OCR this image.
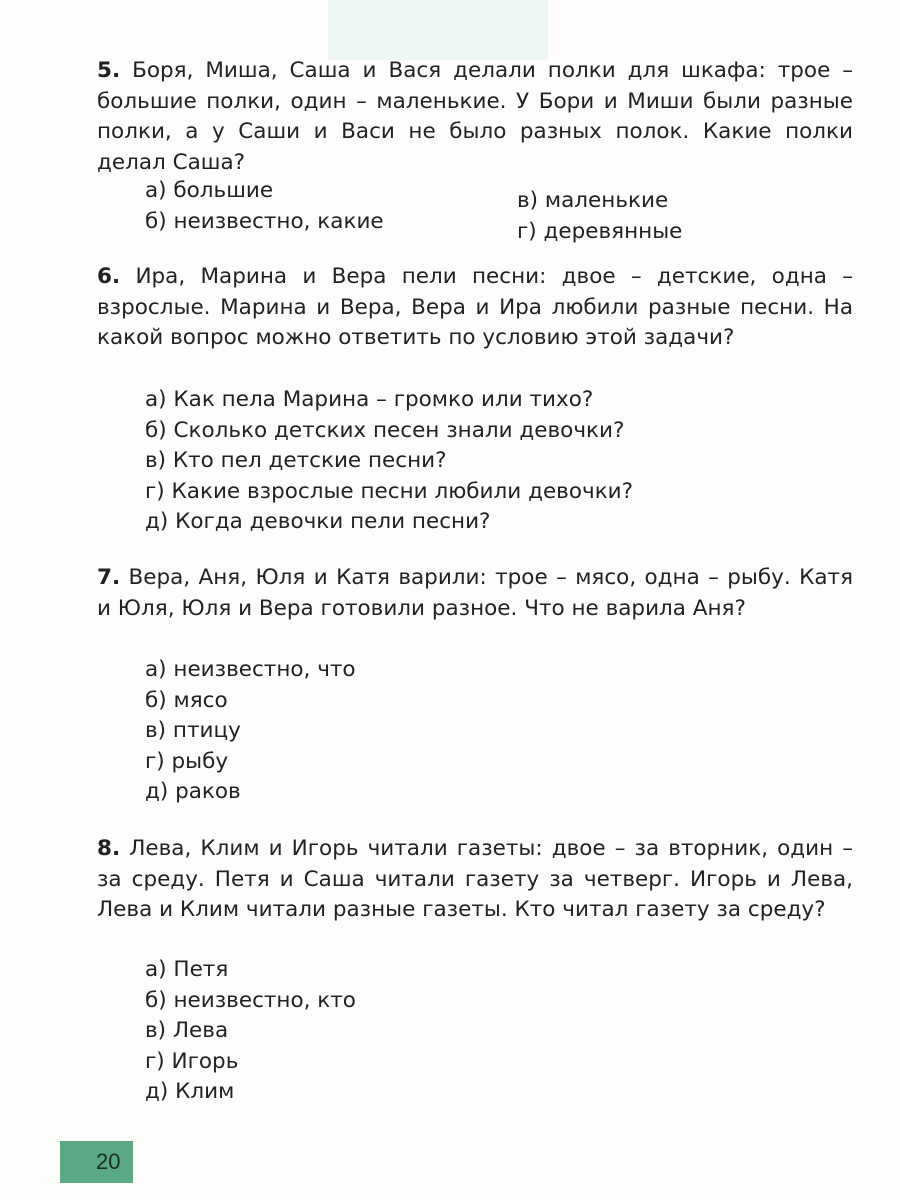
5. Боря, Миша, Саша и Вася делали полки для шкафа: трое – большие полки, один – маленькие. У Бори и Миши были разные полки, а у Саши и Васи не было разных полок. Какие полки делал Саша?
а) большие
б) неизвестно, какие
в) маленькие
г) деревянные
6. Ира, Марина и Вера пели песни: двое – детские, одна – взрослые. Марина и Вера, Вера и Ира любили разные песни. На какой вопрос можно ответить по условию этой задачи?
а) Как пела Марина – громко или тихо?
б) Сколько детских песен знали девочки?
в) Кто пел детские песни?
г) Какие взрослые песни любили девочки?
д) Когда девочки пели песни?
7. Вера, Аня, Юля и Катя варили: трое – мясо, одна – рыбу. Катя и Юля, Юля и Вера готовили разное. Что не варила Аня?
а) неизвестно, что
б) мясо
в) птицу
г) рыбу
д) раков
8. Лева, Клим и Игорь читали газеты: двое – за вторник, один – за среду. Петя и Саша читали газету за четверг. Игорь и Лева, Лева и Клим читали разные газеты. Кто читал газету за среду?
а) Петя
б) неизвестно, кто
в) Лева
г) Игорь
д) Клим
20
